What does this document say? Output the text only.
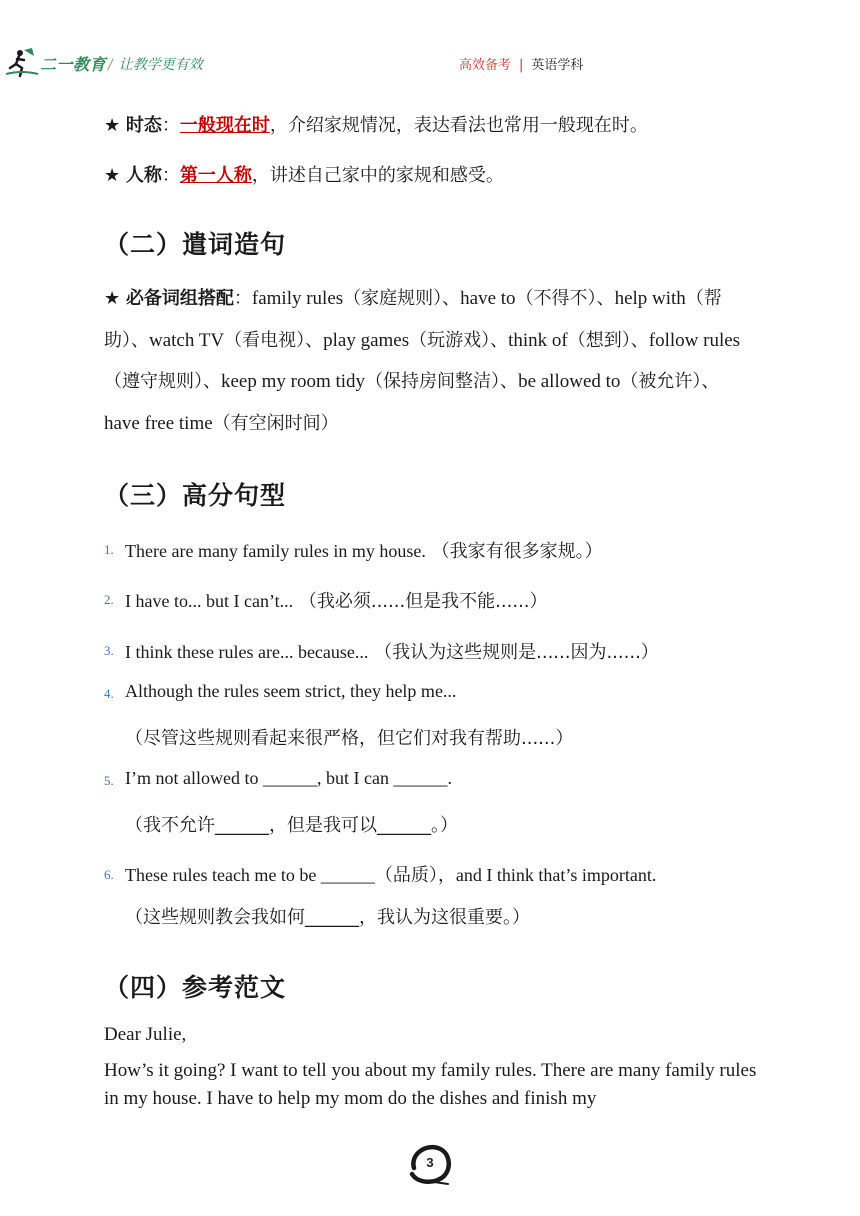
二一教育 / 让教学更有效	高效备考 | 英语学科
★ 时态：一般现在时，介绍家规情况，表达看法也常用一般现在时。
★ 人称：第一人称，讲述自己家中的家规和感受。
（二）遣词造句
★ 必备词组搭配：family rules（家庭规则）、have to（不得不）、help with（帮助）、watch TV（看电视）、play games（玩游戏）、think of（想到）、follow rules（遵守规则）、keep my room tidy（保持房间整洁）、be allowed to（被允许）、have free time（有空闲时间）
（三）高分句型
1. There are many family rules in my house. （我家有很多家规。）
2. I have to... but I can’t... （我必须......但是我不能......）
3. I think these rules are... because... （我认为这些规则是......因为......）
4. Although the rules seem strict, they help me...
（尽管这些规则看起来很严格，但它们对我有帮助......）
5. I’m not allowed to ______, but I can ______.
（我不允许______，但是我可以______。）
6. These rules teach me to be ______（品质），and I think that’s important.
（这些规则教会我如何______，我认为这很重要。）
（四）参考范文
Dear Julie,
How’s it going? I want to tell you about my family rules. There are many family rules in my house. I have to help my mom do the dishes and finish my
3
